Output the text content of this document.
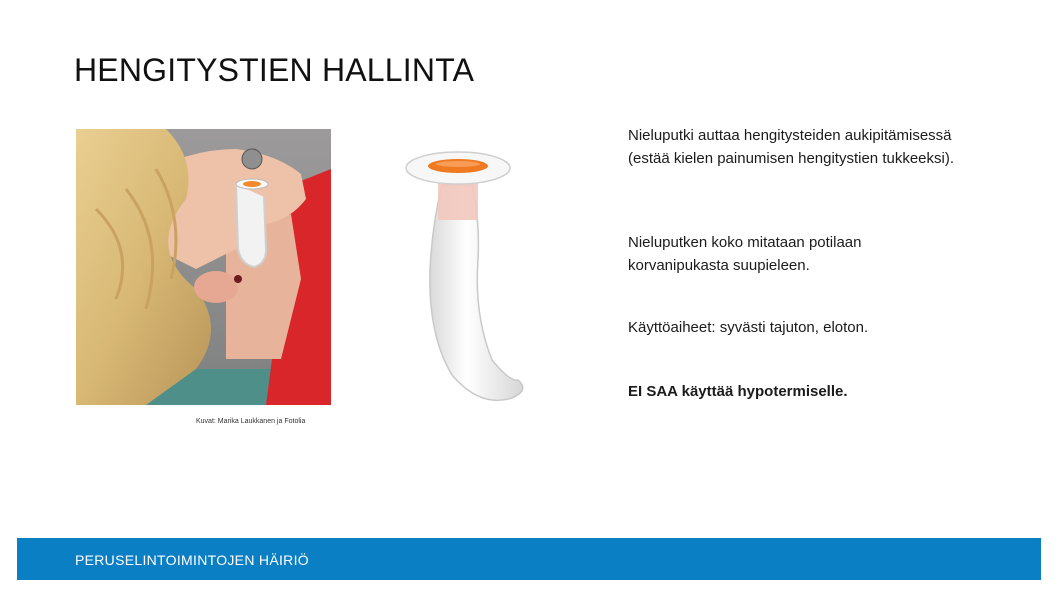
HENGITYSTIEN HALLINTA
Kuvat: Marika Laukkanen ja Fotolia
Nieluputki auttaa hengitysteiden aukipitämisessä (estää kielen painumisen hengitystien tukkeeksi).
Nieluputken koko mitataan potilaan korvanipukasta suupieleen.
Käyttöaiheet: syvästi tajuton, eloton.
EI SAA käyttää hypotermiselle.
PERUSELINTOIMINTOJEN HÄIRIÖ
